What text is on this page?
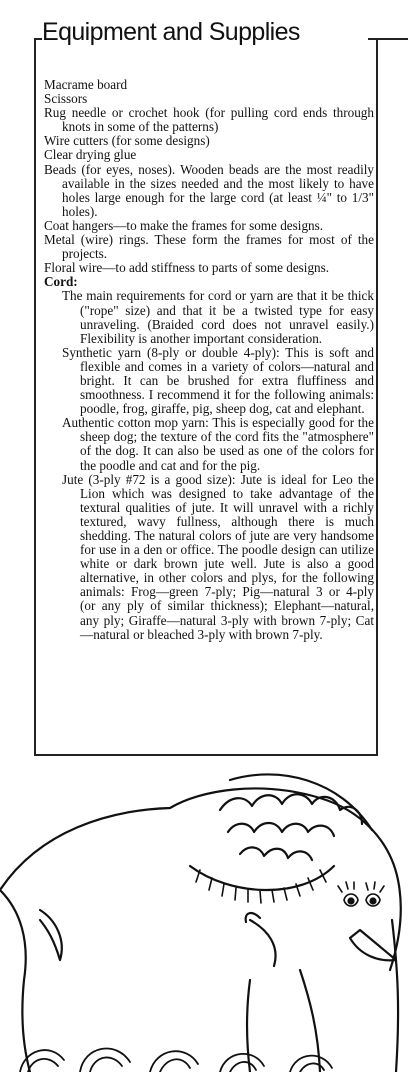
Equipment and Supplies

Macrame board

Scissors

Rug needle or crochet hook (for pulling cord ends through knots in some of the patterns)

Wire cutters (for some designs)

Clear drying glue

Beads (for eyes, noses). Wooden beads are the most readily available in the sizes needed and the most likely to have holes large enough for the large cord (at least ¼" to 1/3" holes).

Coat hangers—to make the frames for some designs.

Metal (wire) rings. These form the frames for most of the projects.

Floral wire—to add stiffness to parts of some designs.

Cord:

The main requirements for cord or yarn are that it be thick ("rope" size) and that it be a twisted type for easy unraveling. (Braided cord does not unravel easily.) Flexibility is another important consideration.

Synthetic yarn (8-ply or double 4-ply): This is soft and flexible and comes in a variety of colors—natural and bright. It can be brushed for extra fluffiness and smoothness. I recommend it for the following animals: poodle, frog, giraffe, pig, sheep dog, cat and elephant.

Authentic cotton mop yarn: This is especially good for the sheep dog; the texture of the cord fits the "atmosphere" of the dog. It can also be used as one of the colors for the poodle and cat and for the pig.

Jute (3-ply #72 is a good size): Jute is ideal for Leo the Lion which was designed to take advantage of the textural qualities of jute. It will unravel with a richly textured, wavy fullness, although there is much shedding. The natural colors of jute are very handsome for use in a den or office. The poodle design can utilize white or dark brown jute well. Jute is also a good alternative, in other colors and plys, for the following animals: Frog—green 7-ply; Pig—natural 3 or 4-ply (or any ply of similar thickness); Elephant—natural, any ply; Giraffe—natural 3-ply with brown 7-ply; Cat—natural or bleached 3-ply with brown 7-ply.
